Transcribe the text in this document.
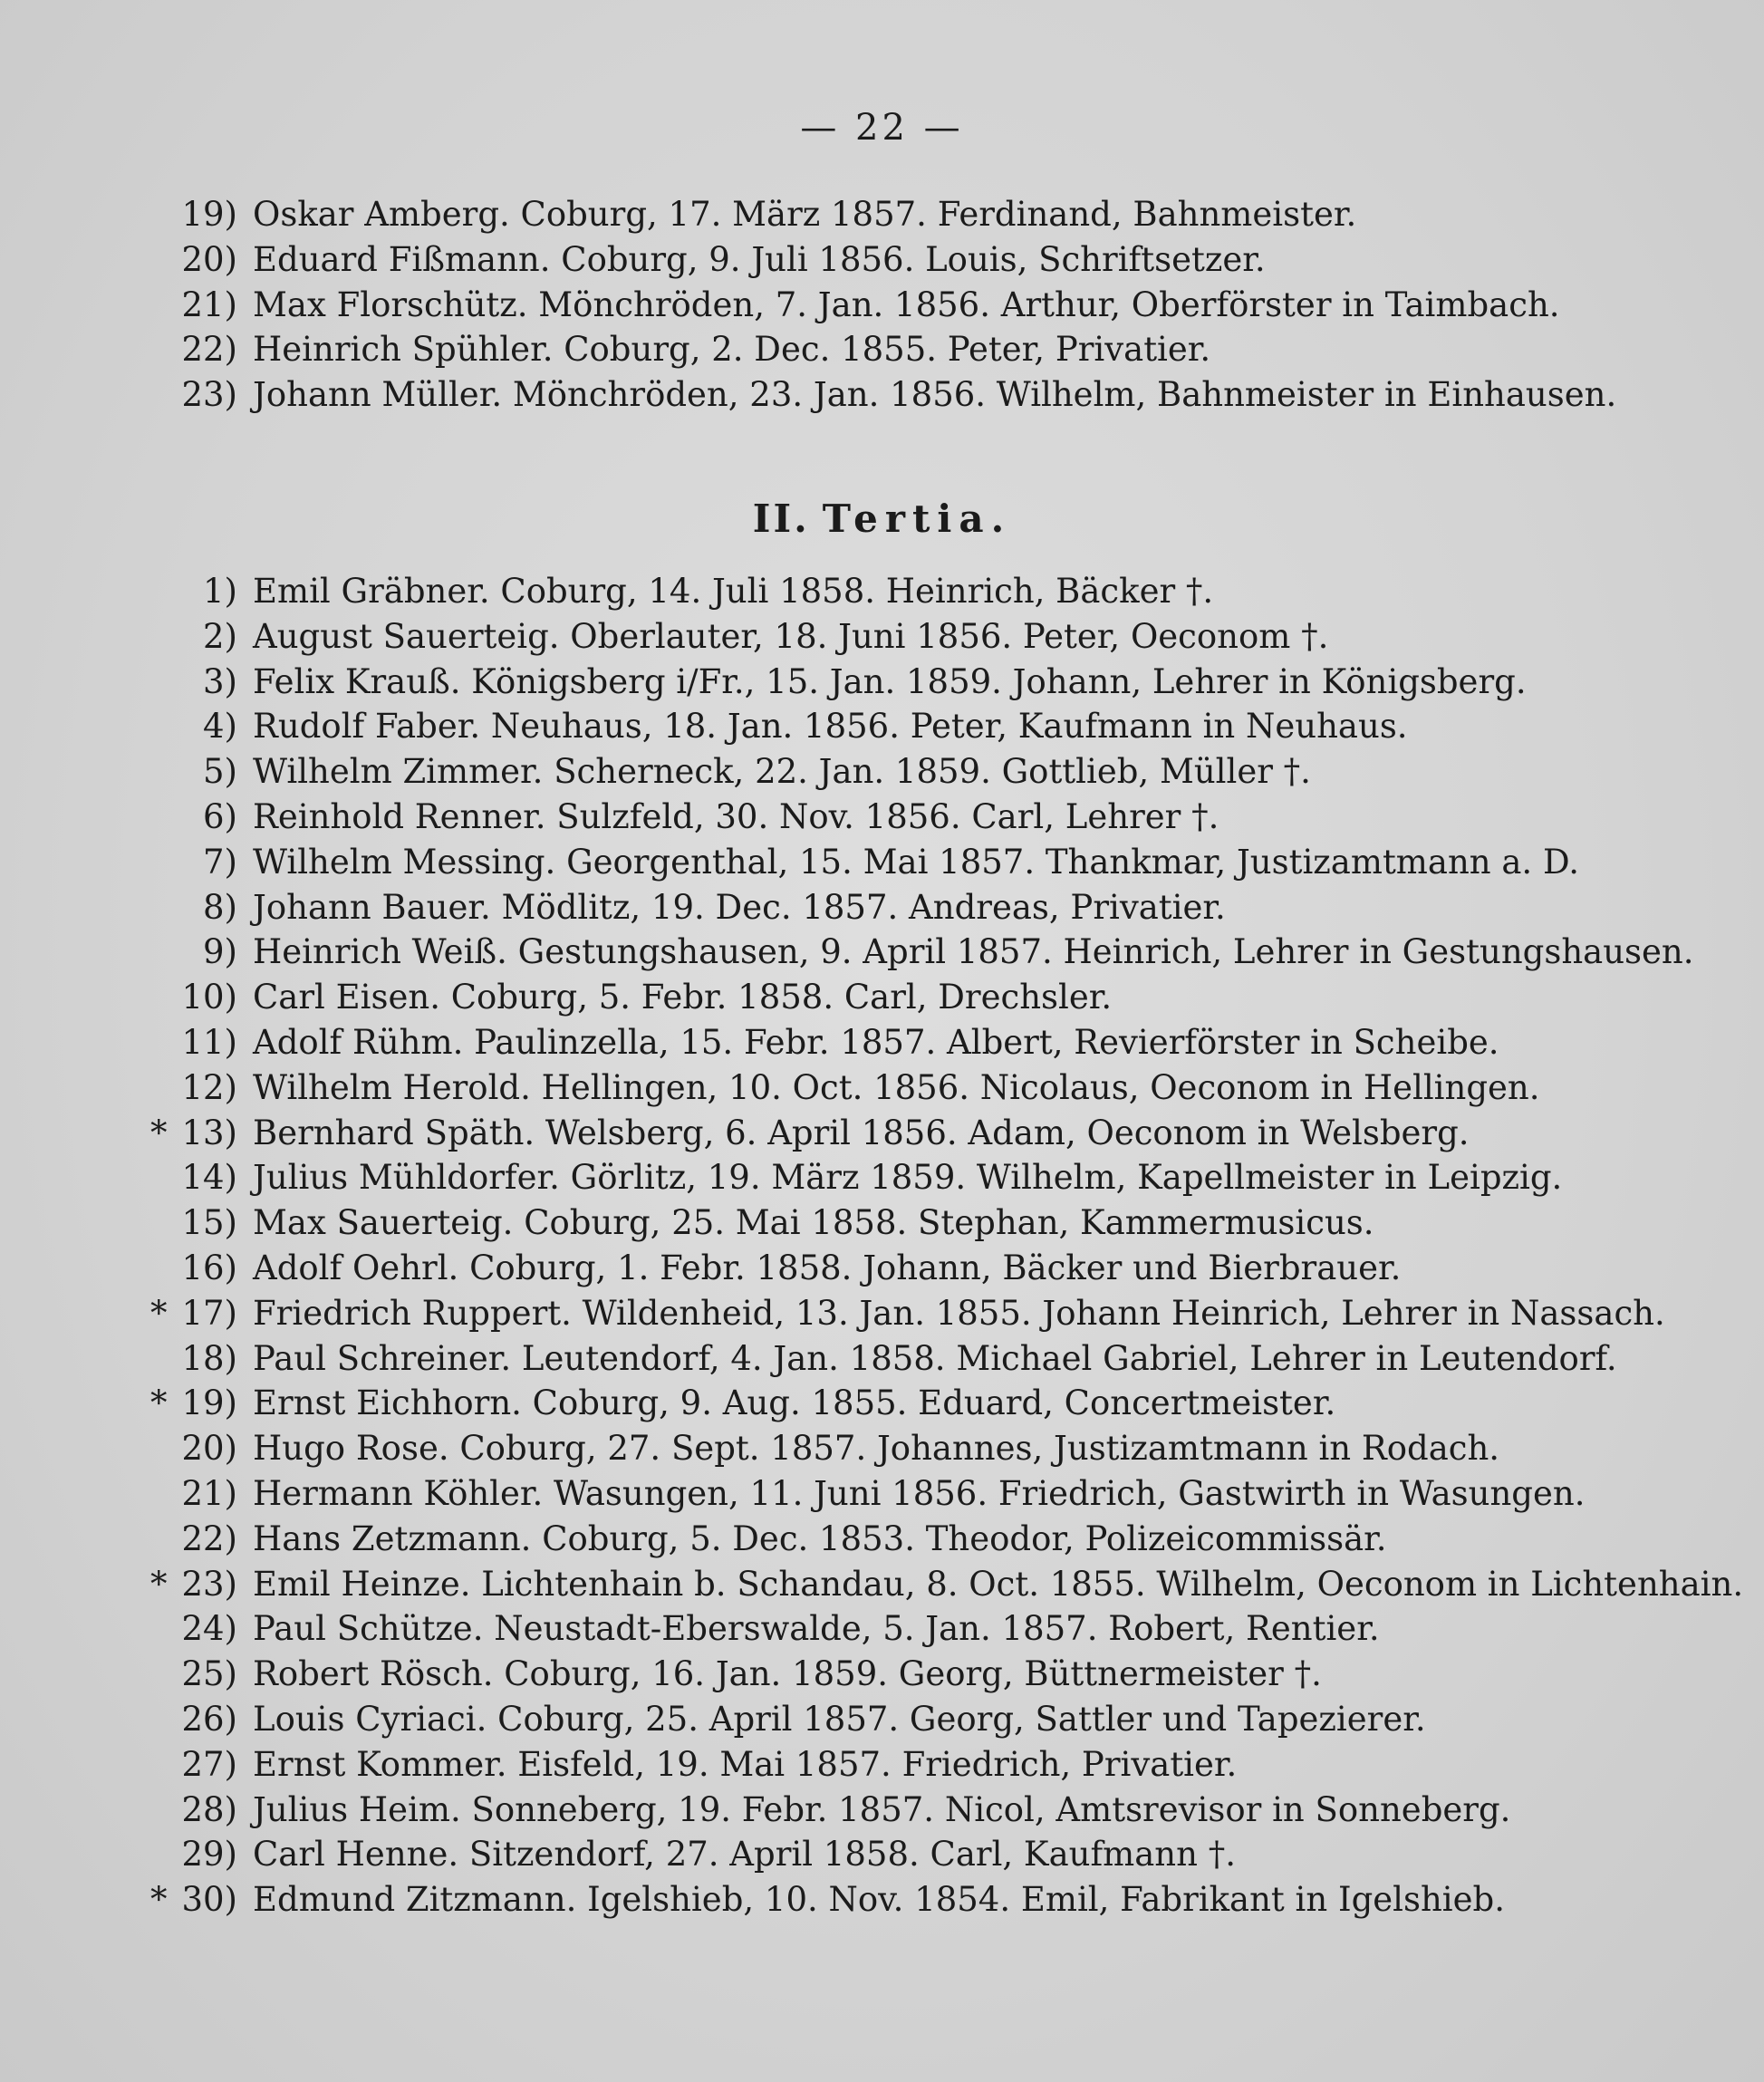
— 22 —
19) Oskar Amberg. Coburg, 17. März 1857. Ferdinand, Bahnmeister.
20) Eduard Fißmann. Coburg, 9. Juli 1856. Louis, Schriftsetzer.
21) Max Florschütz. Mönchröden, 7. Jan. 1856. Arthur, Oberförster in Taimbach.
22) Heinrich Spühler. Coburg, 2. Dec. 1855. Peter, Privatier.
23) Johann Müller. Mönchröden, 23. Jan. 1856. Wilhelm, Bahnmeister in Einhausen.
II. Tertia.
1) Emil Gräbner. Coburg, 14. Juli 1858. Heinrich, Bäcker †.
2) August Sauerteig. Oberlauter, 18. Juni 1856. Peter, Oeconom †.
3) Felix Krauß. Königsberg i/Fr., 15. Jan. 1859. Johann, Lehrer in Königsberg.
4) Rudolf Faber. Neuhaus, 18. Jan. 1856. Peter, Kaufmann in Neuhaus.
5) Wilhelm Zimmer. Scherneck, 22. Jan. 1859. Gottlieb, Müller †.
6) Reinhold Renner. Sulzfeld, 30. Nov. 1856. Carl, Lehrer †.
7) Wilhelm Messing. Georgenthal, 15. Mai 1857. Thankmar, Justizamtmann a. D.
8) Johann Bauer. Mödlitz, 19. Dec. 1857. Andreas, Privatier.
9) Heinrich Weiß. Gestungshausen, 9. April 1857. Heinrich, Lehrer in Gestungshausen.
10) Carl Eisen. Coburg, 5. Febr. 1858. Carl, Drechsler.
11) Adolf Rühm. Paulinzella, 15. Febr. 1857. Albert, Revierförster in Scheibe.
12) Wilhelm Herold. Hellingen, 10. Oct. 1856. Nicolaus, Oeconom in Hellingen.
* 13) Bernhard Späth. Welsberg, 6. April 1856. Adam, Oeconom in Welsberg.
14) Julius Mühldorfer. Görlitz, 19. März 1859. Wilhelm, Kapellmeister in Leipzig.
15) Max Sauerteig. Coburg, 25. Mai 1858. Stephan, Kammermusicus.
16) Adolf Oehrl. Coburg, 1. Febr. 1858. Johann, Bäcker und Bierbrauer.
* 17) Friedrich Ruppert. Wildenheid, 13. Jan. 1855. Johann Heinrich, Lehrer in Nassach.
18) Paul Schreiner. Leutendorf, 4. Jan. 1858. Michael Gabriel, Lehrer in Leutendorf.
* 19) Ernst Eichhorn. Coburg, 9. Aug. 1855. Eduard, Concertmeister.
20) Hugo Rose. Coburg, 27. Sept. 1857. Johannes, Justizamtmann in Rodach.
21) Hermann Köhler. Wasungen, 11. Juni 1856. Friedrich, Gastwirth in Wasungen.
22) Hans Zetzmann. Coburg, 5. Dec. 1853. Theodor, Polizeicommissär.
* 23) Emil Heinze. Lichtenhain b. Schandau, 8. Oct. 1855. Wilhelm, Oeconom in Lichtenhain.
24) Paul Schütze. Neustadt-Eberswalde, 5. Jan. 1857. Robert, Rentier.
25) Robert Rösch. Coburg, 16. Jan. 1859. Georg, Büttnermeister †.
26) Louis Cyriaci. Coburg, 25. April 1857. Georg, Sattler und Tapezierer.
27) Ernst Kommer. Eisfeld, 19. Mai 1857. Friedrich, Privatier.
28) Julius Heim. Sonneberg, 19. Febr. 1857. Nicol, Amtsrevisor in Sonneberg.
29) Carl Henne. Sitzendorf, 27. April 1858. Carl, Kaufmann †.
* 30) Edmund Zitzmann. Igelshieb, 10. Nov. 1854. Emil, Fabrikant in Igelshieb.
